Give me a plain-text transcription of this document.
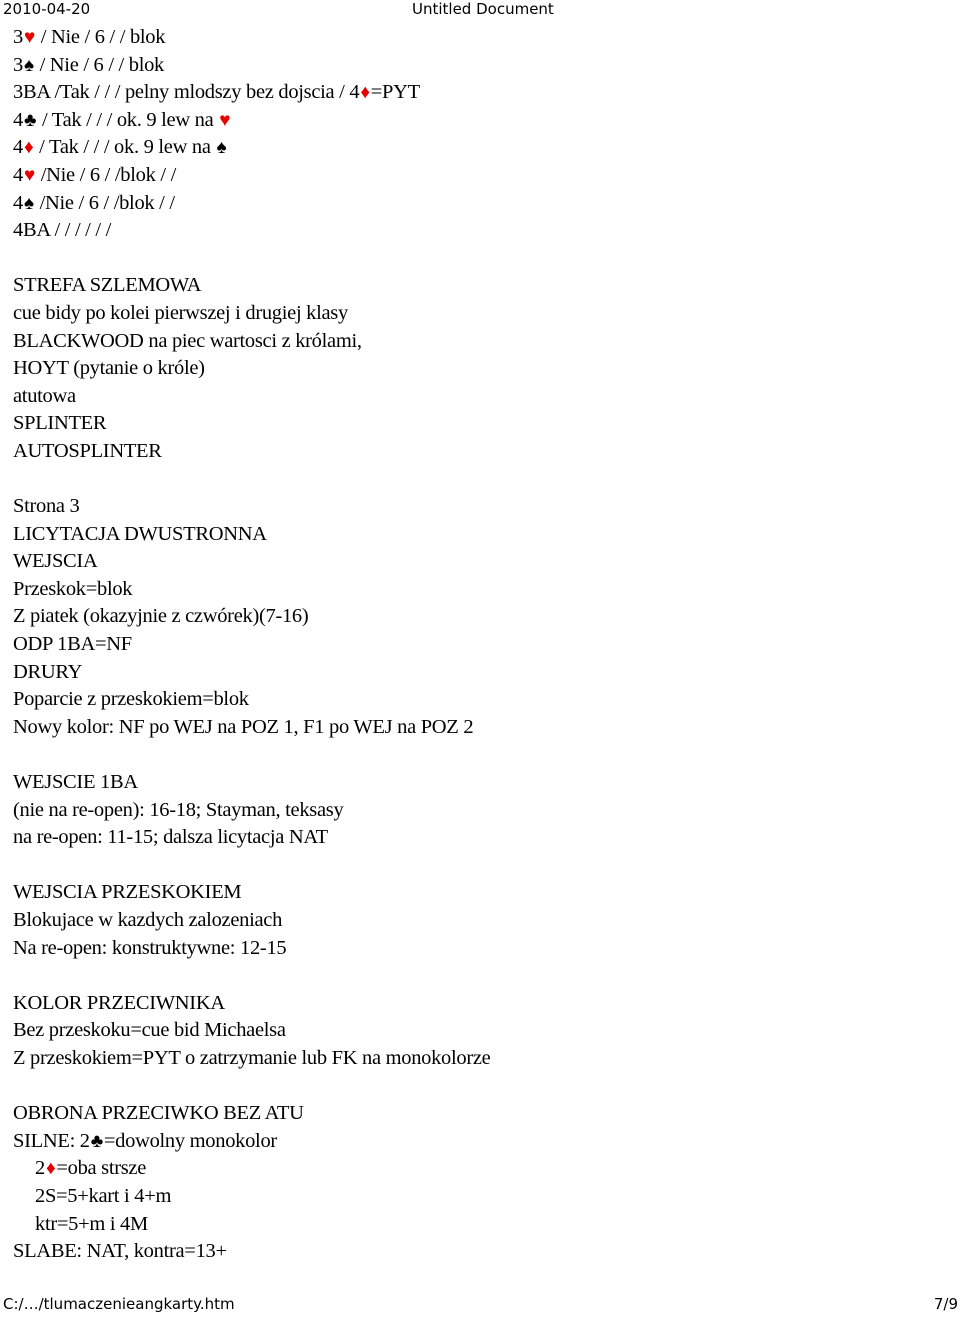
2010-04-20	Untitled Document
3♥ / Nie / 6 / / blok
3♠ / Nie / 6 / / blok
3BA /Tak / / / pelny mlodszy bez dojscia / 4♦=PYT
4♣ / Tak / / / ok. 9 lew na ♥
4♦ / Tak / / / ok. 9 lew na ♠
4♥ /Nie / 6 / /blok / /
4♠ /Nie / 6 / /blok / /
4BA / / / / / /
STREFA SZLEMOWA
cue bidy po kolei pierwszej i drugiej klasy
BLACKWOOD na piec wartosci z królami,
HOYT (pytanie o króle)
atutowa
SPLINTER
AUTOSPLINTER
Strona 3
LICYTACJA DWUSTRONNA
WEJSCIA
Przeskok=blok
Z piatek (okazyjnie z czwórek)(7-16)
ODP 1BA=NF
DRURY
Poparcie z przeskokiem=blok
Nowy kolor: NF po WEJ na POZ 1, F1 po WEJ na POZ 2
WEJSCIE 1BA
(nie na re-open): 16-18; Stayman, teksasy
na re-open: 11-15; dalsza licytacja NAT
WEJSCIA PRZESKOKIEM
Blokujace w kazdych zalozeniach
Na re-open: konstruktywne: 12-15
KOLOR PRZECIWNIKA
Bez przeskoku=cue bid Michaelsa
Z przeskokiem=PYT o zatrzymanie lub FK na monokolorze
OBRONA PRZECIWKO BEZ ATU
SILNE: 2♣=dowolny monokolor
2♦=oba strsze
2S=5+kart i 4+m
ktr=5+m i 4M
SLABE: NAT, kontra=13+
C:/…/tlumaczenieangkarty.htm	7/9
